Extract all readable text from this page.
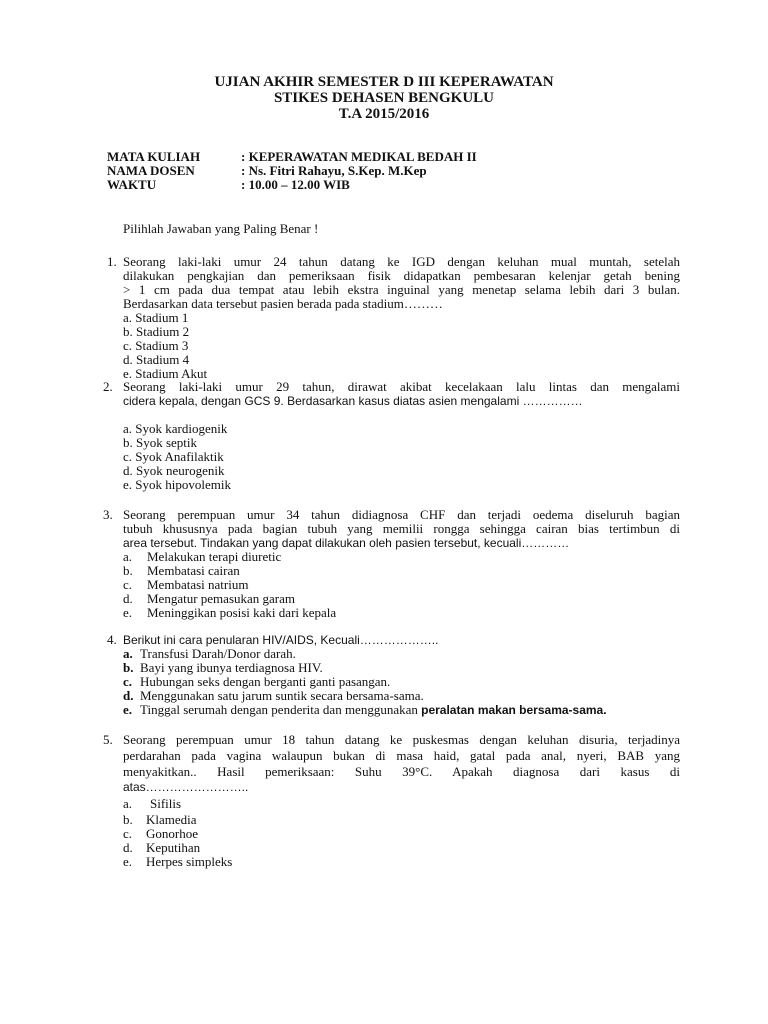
UJIAN AKHIR SEMESTER D III KEPERAWATAN
STIKES DEHASEN BENGKULU
T.A 2015/2016
MATA KULIAH	: KEPERAWATAN MEDIKAL BEDAH II
NAMA DOSEN	: Ns. Fitri Rahayu, S.Kep. M.Kep
WAKTU	: 10.00 – 12.00 WIB
Pilihlah Jawaban yang Paling Benar !
1. Seorang laki-laki umur 24 tahun datang ke IGD dengan keluhan mual muntah, setelah
dilakukan pengkajian dan pemeriksaan fisik didapatkan pembesaran kelenjar getah bening
> 1 cm pada dua tempat atau lebih ekstra inguinal yang menetap selama lebih dari 3 bulan.
Berdasarkan data tersebut pasien berada pada stadium………
a. Stadium 1
b. Stadium 2
c. Stadium 3
d. Stadium 4
e. Stadium Akut
2. Seorang laki-laki umur 29 tahun, dirawat akibat kecelakaan lalu lintas dan mengalami
cidera kepala, dengan GCS 9. Berdasarkan kasus diatas asien mengalami ……………
a. Syok kardiogenik
b. Syok septik
c. Syok Anafilaktik
d. Syok neurogenik
e. Syok hipovolemik
3. Seorang perempuan umur 34 tahun didiagnosa CHF dan terjadi oedema diseluruh bagian
tubuh khususnya pada bagian tubuh yang memilii rongga sehingga cairan bias tertimbun di
area tersebut. Tindakan yang dapat dilakukan oleh pasien tersebut, kecuali…………
a. Melakukan terapi diuretic
b. Membatasi cairan
c. Membatasi natrium
d. Mengatur pemasukan garam
e. Meninggikan posisi kaki dari kepala
4. Berikut ini cara penularan HIV/AIDS, Kecuali………………..
a. Transfusi Darah/Donor darah.
b. Bayi yang ibunya terdiagnosa HIV.
c. Hubungan seks dengan berganti ganti pasangan.
d. Menggunakan satu jarum suntik secara bersama-sama.
e. Tinggal serumah dengan penderita dan menggunakan peralatan makan bersama-sama.
5. Seorang perempuan umur 18 tahun datang ke puskesmas dengan keluhan disuria, terjadinya
perdarahan pada vagina walaupun bukan di masa haid, gatal pada anal, nyeri, BAB yang
menyakitkan.. Hasil pemeriksaan: Suhu 39°C. Apakah diagnosa dari kasus di
atas……………………..
a. Sifilis
b. Klamedia
c. Gonorhoe
d. Keputihan
e. Herpes simpleks
